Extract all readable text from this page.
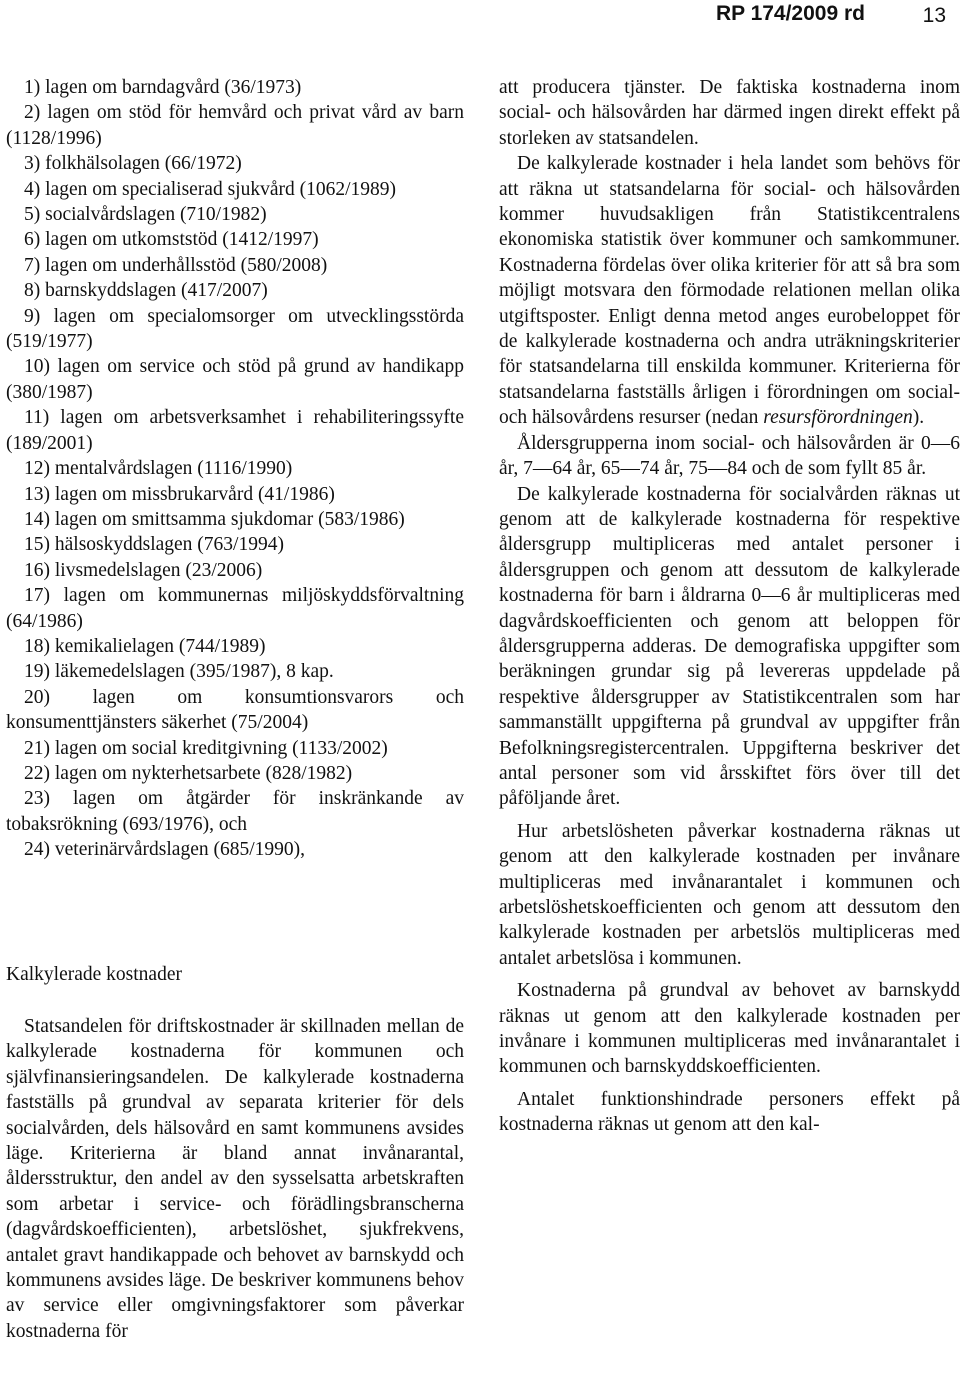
RP 174/2009 rd	13

1) lagen om barndagvård (36/1973)

2) lagen om stöd för hemvård och privat vård av barn (1128/1996)

3) folkhälsolagen (66/1972)

4) lagen om specialiserad sjukvård (1062/1989)

5) socialvårdslagen (710/1982)

6) lagen om utkomststöd (1412/1997)

7) lagen om underhållsstöd (580/2008)

8) barnskyddslagen (417/2007)

9) lagen om specialomsorger om utvecklingsstörda (519/1977)

10) lagen om service och stöd på grund av handikapp (380/1987)

11) lagen om arbetsverksamhet i rehabiliteringssyfte (189/2001)

12) mentalvårdslagen (1116/1990)

13) lagen om missbrukarvård (41/1986)

14) lagen om smittsamma sjukdomar (583/1986)

15) hälsoskyddslagen (763/1994)

16) livsmedelslagen (23/2006)

17) lagen om kommunernas miljöskyddsförvaltning (64/1986)

18) kemikalielagen (744/1989)

19) läkemedelslagen (395/1987), 8 kap.

20) lagen om konsumtionsvarors och konsumenttjänsters säkerhet (75/2004)

21) lagen om social kreditgivning (1133/2002)

22) lagen om nykterhetsarbete (828/1982)

23) lagen om åtgärder för inskränkande av tobaksrökning (693/1976), och

24) veterinärvårdslagen (685/1990),

Kalkylerade kostnader

Statsandelen för driftskostnader är skillnaden mellan de kalkylerade kostnaderna för kommunen och självfinansieringsandelen. De kalkylerade kostnaderna fastställs på grundval av separata kriterier för dels socialvården, dels hälsovård en samt kommunens avsides läge. Kriterierna är bland annat invånarantal, åldersstruktur, den andel av den sysselsatta arbetskraften som arbetar i service- och förädlingsbranscherna (dagvårdskoefficienten), arbetslöshet, sjukfrekvens, antalet gravt handikappade och behovet av barnskydd och kommunens avsides läge. De beskriver kommunens behov av service eller omgivningsfaktorer som påverkar kostnaderna för

att producera tjänster. De faktiska kostnaderna inom social- och hälsovården har därmed ingen direkt effekt på storleken av statsandelen.

De kalkylerade kostnader i hela landet som behövs för att räkna ut statsandelarna för social- och hälsovården kommer huvudsakligen från Statistikcentralens ekonomiska statistik över kommuner och samkommuner. Kostnaderna fördelas över olika kriterier för att så bra som möjligt motsvara den förmodade relationen mellan olika utgiftsposter. Enligt denna metod anges eurobeloppet för de kalkylerade kostnaderna och andra uträkningskriterier för statsandelarna till enskilda kommuner. Kriterierna för statsandelarna fastställs årligen i förordningen om social- och hälsovårdens resurser (nedan resursförordningen).

Åldersgrupperna inom social- och hälsovården är 0—6 år, 7—64 år, 65—74 år, 75—84 och de som fyllt 85 år.

De kalkylerade kostnaderna för socialvården räknas ut genom att de kalkylerade kostnaderna för respektive åldersgrupp multipliceras med antalet personer i åldersgruppen och genom att dessutom de kalkylerade kostnaderna för barn i åldrarna 0—6 år multipliceras med dagvårdskoefficienten och genom att beloppen för åldersgrupperna adderas. De demografiska uppgifter som beräkningen grundar sig på levereras uppdelade på respektive åldersgrupper av Statistikcentralen som har sammanställt uppgifterna på grundval av uppgifter från Befolkningsregistercentralen. Uppgifterna beskriver det antal personer som vid årsskiftet förs över till det påföljande året.

Hur arbetslösheten påverkar kostnaderna räknas ut genom att den kalkylerade kostnaden per invånare multipliceras med invånarantalet i kommunen och arbetslöshetskoefficienten och genom att dessutom den kalkylerade kostnaden per arbetslös multipliceras med antalet arbetslösa i kommunen.

Kostnaderna på grundval av behovet av barnskydd räknas ut genom att den kalkylerade kostnaden per invånare i kommunen multipliceras med invånarantalet i kommunen och barnskyddskoefficienten.

Antalet funktionshindrade personers effekt på kostnaderna räknas ut genom att den kal-
